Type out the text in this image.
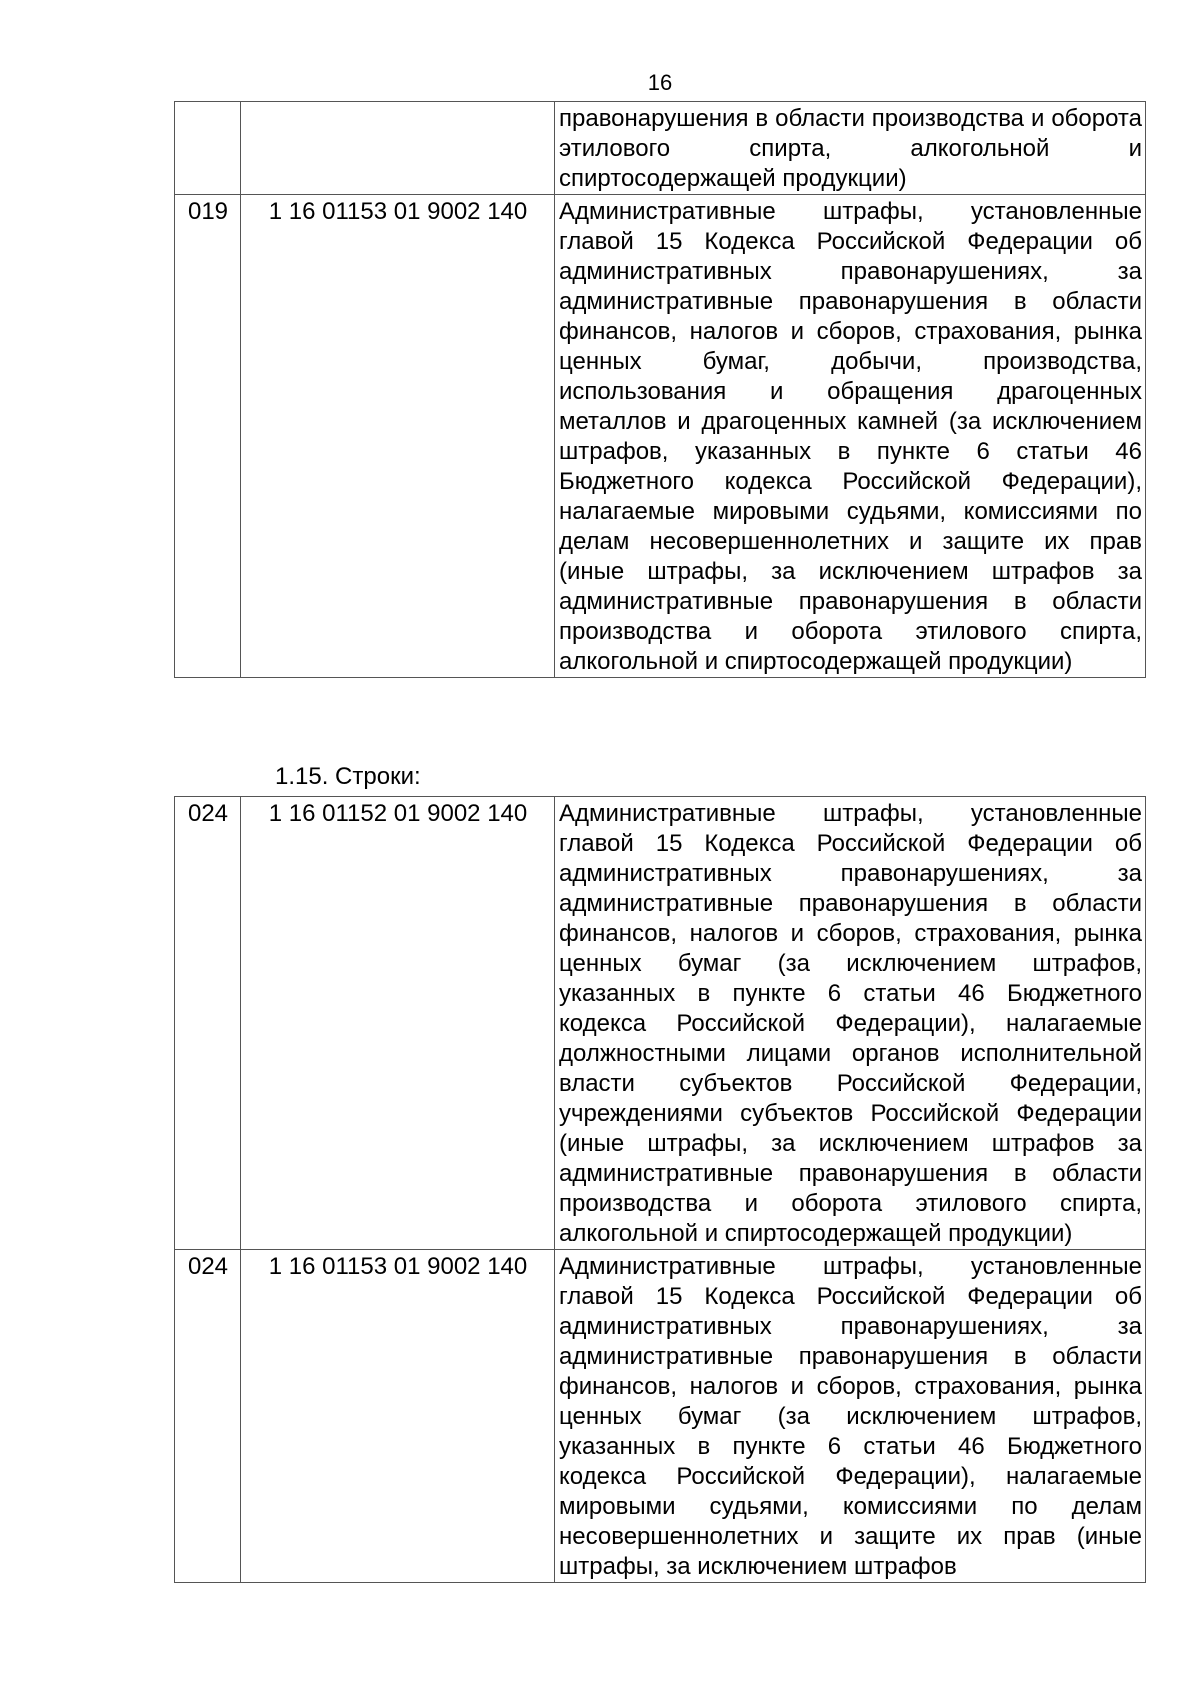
16
		правонарушения в области производства и оборота этилового спирта, алкогольной и спиртосодержащей продукции)
019	1 16 01153 01 9002 140	Административные штрафы, установленные главой 15 Кодекса Российской Федерации об административных правонарушениях, за административные правонарушения в области финансов, налогов и сборов, страхования, рынка ценных бумаг, добычи, производства, использования и обращения драгоценных металлов и драгоценных камней (за исключением штрафов, указанных в пункте 6 статьи 46 Бюджетного кодекса Российской Федерации), налагаемые мировыми судьями, комиссиями по делам несовершеннолетних и защите их прав (иные штрафы, за исключением штрафов за административные правонарушения в области производства и оборота этилового спирта, алкогольной и спиртосодержащей продукции)
1.15. Строки:
024	1 16 01152 01 9002 140	Административные штрафы, установленные главой 15 Кодекса Российской Федерации об административных правонарушениях, за административные правонарушения в области финансов, налогов и сборов, страхования, рынка ценных бумаг (за исключением штрафов, указанных в пункте 6 статьи 46 Бюджетного кодекса Российской Федерации), налагаемые должностными лицами органов исполнительной власти субъектов Российской Федерации, учреждениями субъектов Российской Федерации (иные штрафы, за исключением штрафов за административные правонарушения в области производства и оборота этилового спирта, алкогольной и спиртосодержащей продукции)
024	1 16 01153 01 9002 140	Административные штрафы, установленные главой 15 Кодекса Российской Федерации об административных правонарушениях, за административные правонарушения в области финансов, налогов и сборов, страхования, рынка ценных бумаг (за исключением штрафов, указанных в пункте 6 статьи 46 Бюджетного кодекса Российской Федерации), налагаемые мировыми судьями, комиссиями по делам несовершеннолетних и защите их прав (иные штрафы, за исключением штрафов
